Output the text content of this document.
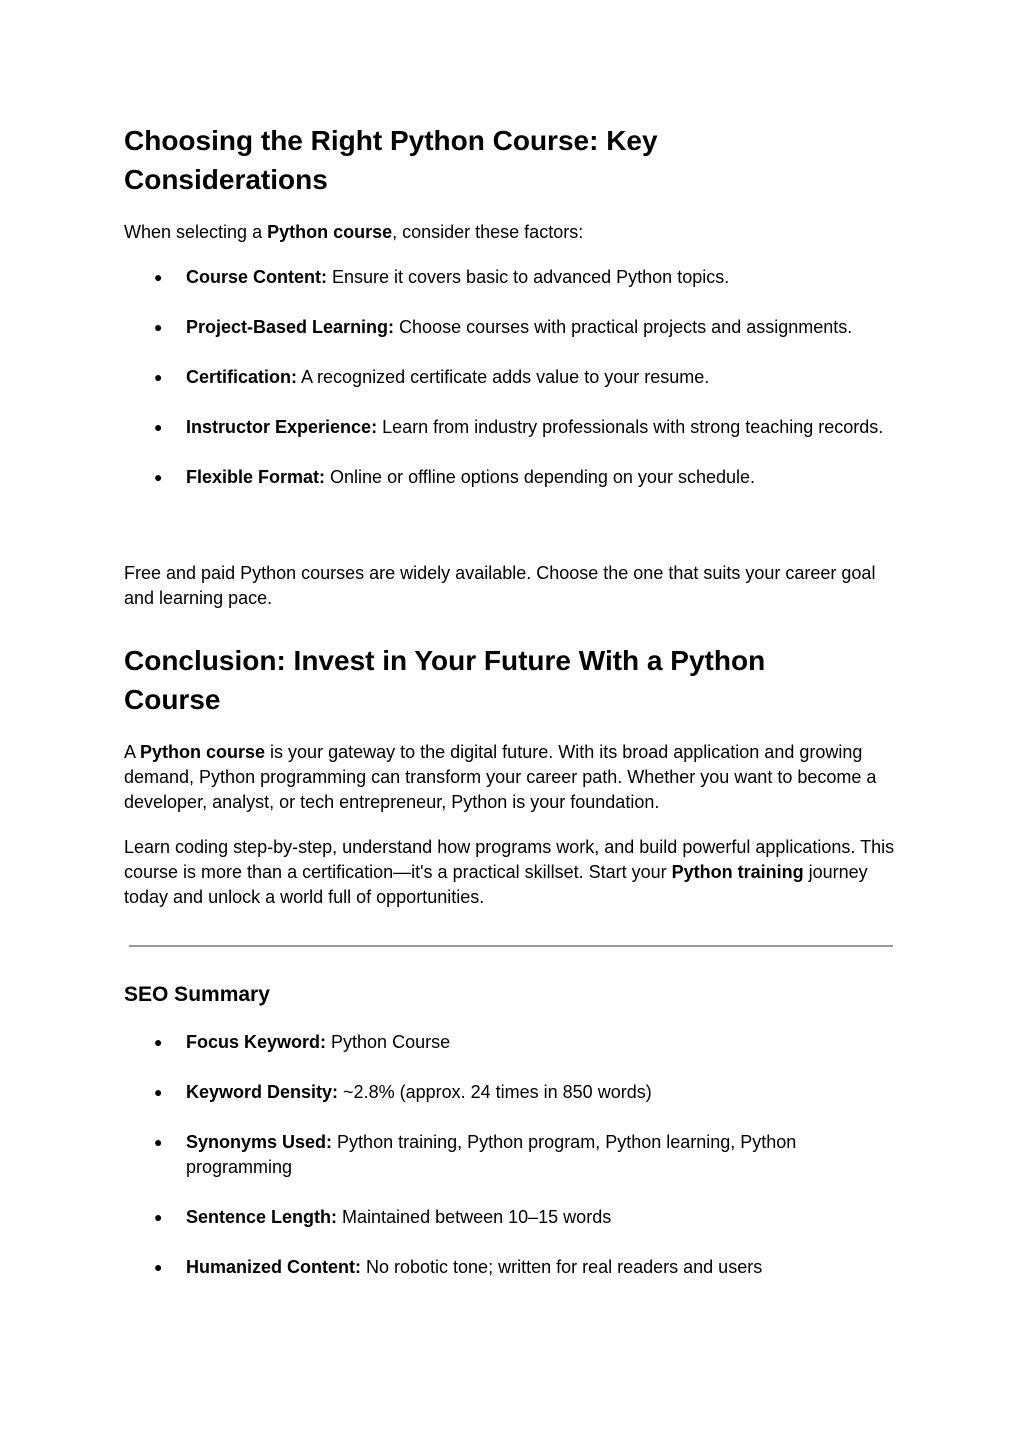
Choosing the Right Python Course: Key Considerations

When selecting a Python course, consider these factors:

● Course Content: Ensure it covers basic to advanced Python topics.
● Project-Based Learning: Choose courses with practical projects and assignments.
● Certification: A recognized certificate adds value to your resume.
● Instructor Experience: Learn from industry professionals with strong teaching records.
● Flexible Format: Online or offline options depending on your schedule.

Free and paid Python courses are widely available. Choose the one that suits your career goal and learning pace.

Conclusion: Invest in Your Future With a Python Course

A Python course is your gateway to the digital future. With its broad application and growing demand, Python programming can transform your career path. Whether you want to become a developer, analyst, or tech entrepreneur, Python is your foundation.

Learn coding step-by-step, understand how programs work, and build powerful applications. This course is more than a certification—it's a practical skillset. Start your Python training journey today and unlock a world full of opportunities.

SEO Summary
● Focus Keyword: Python Course
● Keyword Density: ~2.8% (approx. 24 times in 850 words)
● Synonyms Used: Python training, Python program, Python learning, Python programming
● Sentence Length: Maintained between 10–15 words
● Humanized Content: No robotic tone; written for real readers and users
